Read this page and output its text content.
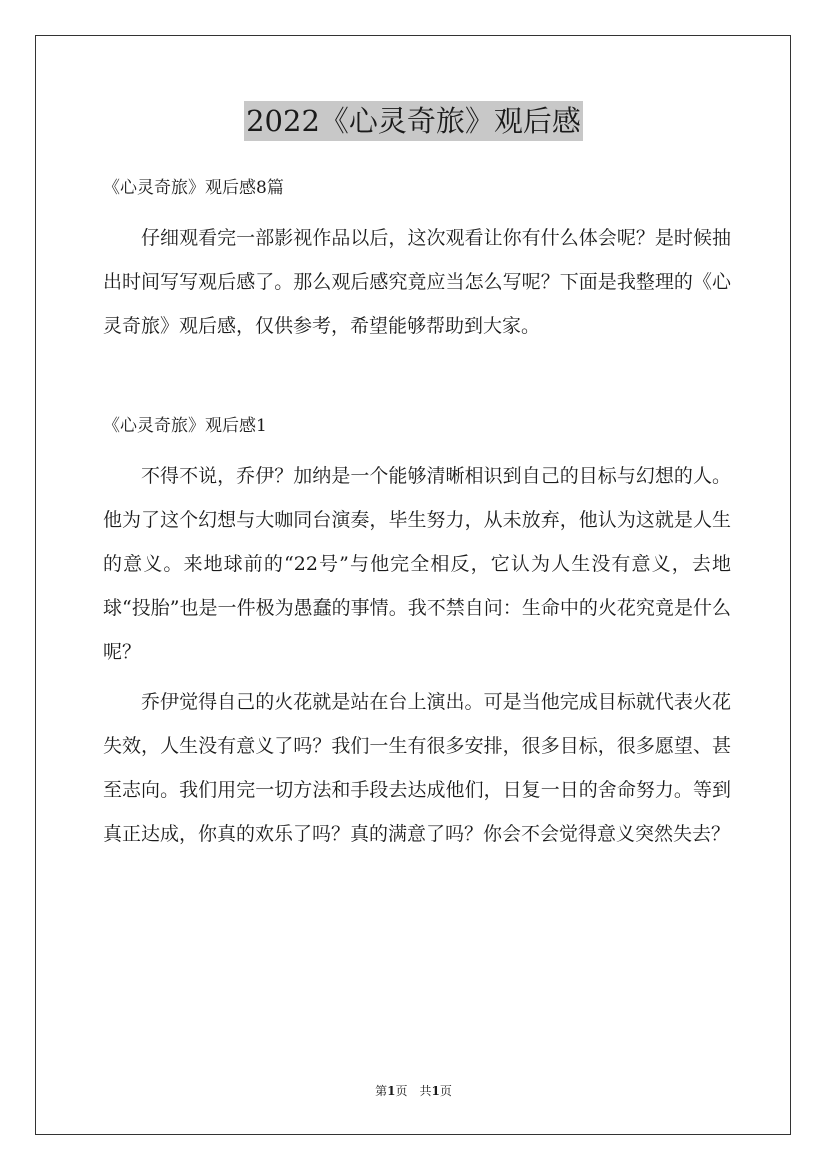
2022《心灵奇旅》观后感

《心灵奇旅》观后感8篇

仔细观看完一部影视作品以后，这次观看让你有什么体会呢？是时候抽出时间写写观后感了。那么观后感究竟应当怎么写呢？下面是我整理的《心灵奇旅》观后感，仅供参考，希望能够帮助到大家。

《心灵奇旅》观后感1

不得不说，乔伊？加纳是一个能够清晰相识到自己的目标与幻想的人。他为了这个幻想与大咖同台演奏，毕生努力，从未放弃，他认为这就是人生的意义。来地球前的“22号”与他完全相反，它认为人生没有意义，去地球“投胎”也是一件极为愚蠢的事情。我不禁自问：生命中的火花究竟是什么呢？

乔伊觉得自己的火花就是站在台上演出。可是当他完成目标就代表火花失效，人生没有意义了吗？我们一生有很多安排，很多目标，很多愿望、甚至志向。我们用完一切方法和手段去达成他们，日复一日的舍命努力。等到真正达成，你真的欢乐了吗？真的满意了吗？你会不会觉得意义突然失去？

第1页　共1页
